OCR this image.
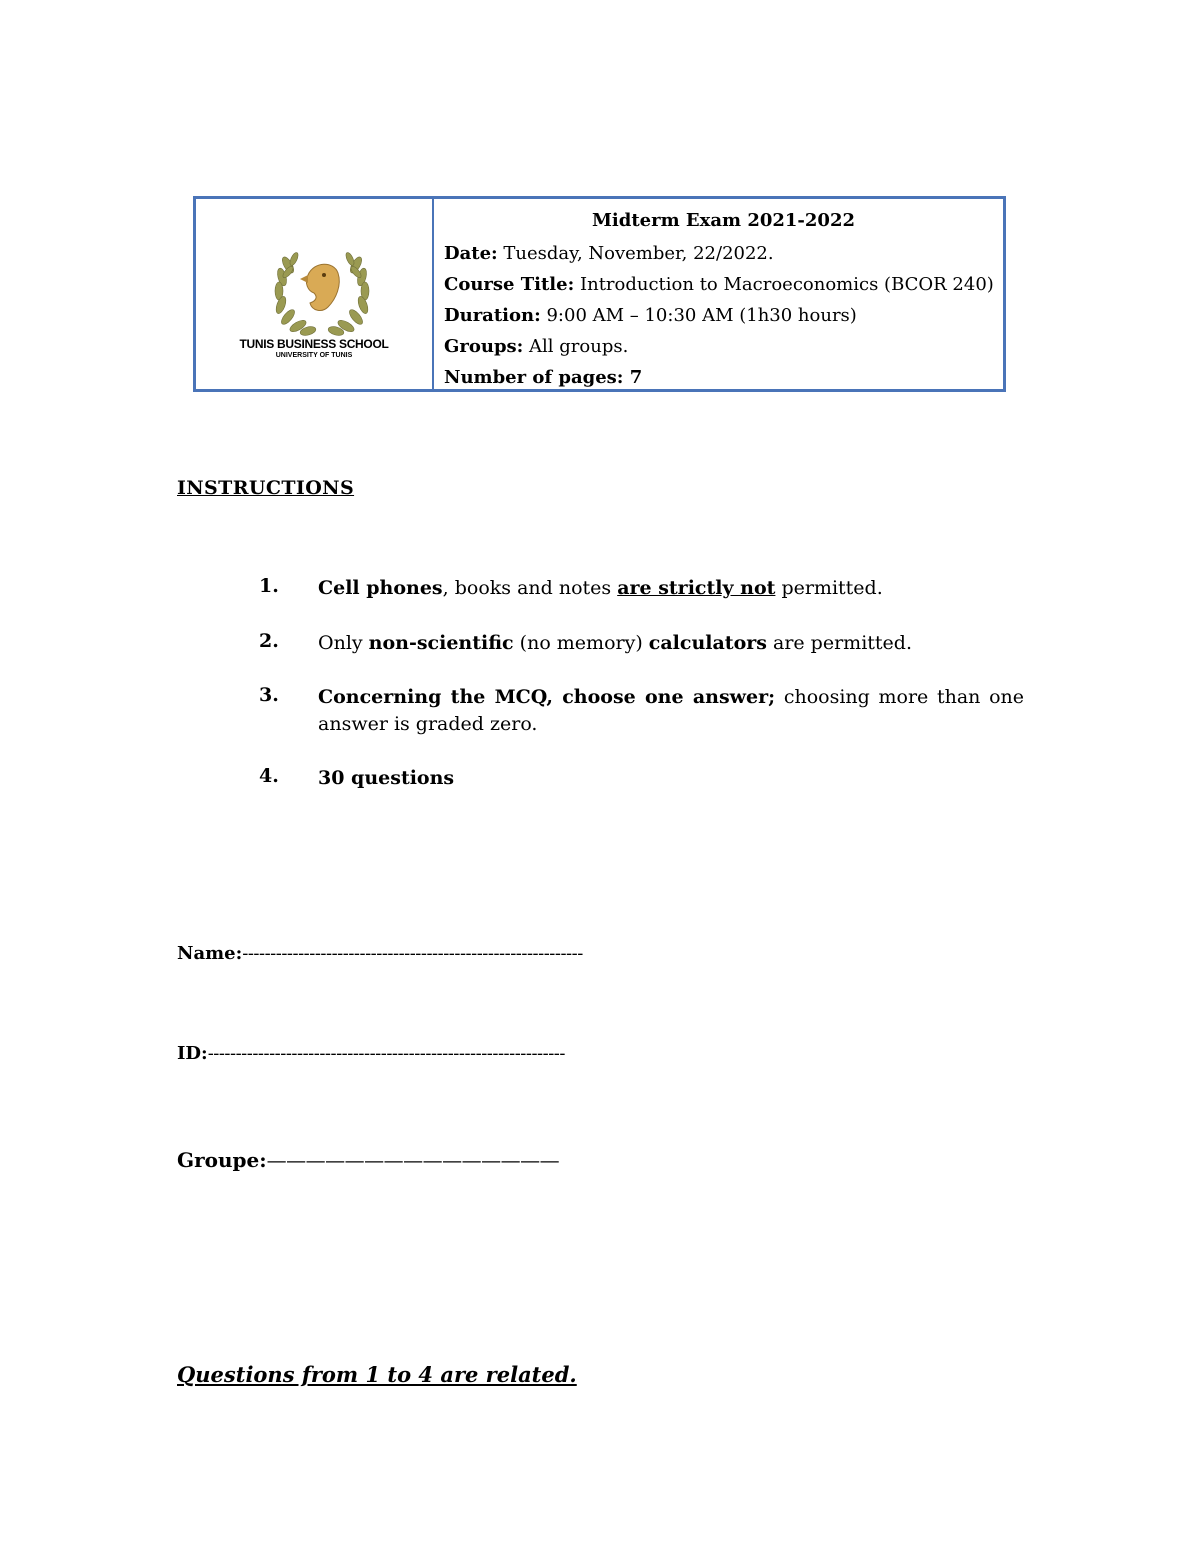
TUNIS BUSINESS SCHOOL
UNIVERSITY OF TUNIS
Midterm Exam 2021-2022
Date: Tuesday, November, 22/2022.
Course Title: Introduction to Macroeconomics (BCOR 240)
Duration: 9:00 AM – 10:30 AM (1h30 hours)
Groups: All groups.
Number of pages: 7
INSTRUCTIONS
1. Cell phones, books and notes are strictly not permitted.
2. Only non-scientific (no memory) calculators are permitted.
3. Concerning the MCQ, choose one answer; choosing more than one answer is graded zero.
4. 30 questions
Name:-------------------------------------------------------------
ID:----------------------------------------------------------------
Groupe:———————————————
Questions from 1 to 4 are related.
